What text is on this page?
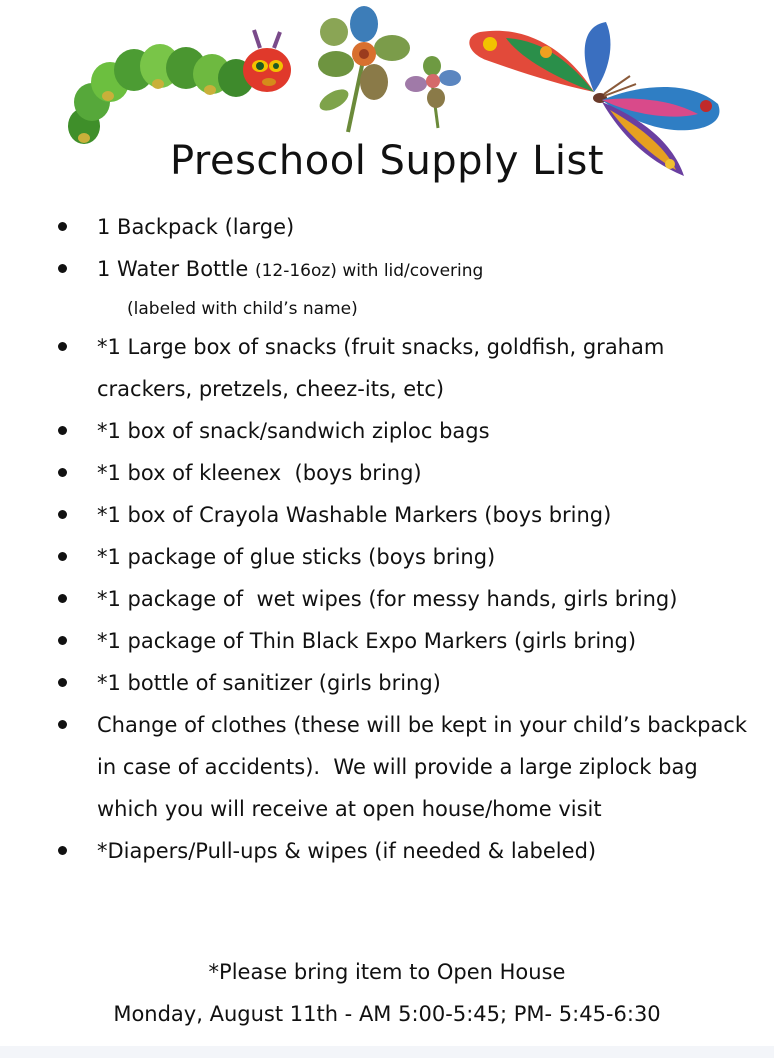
Preschool Supply List
1 Backpack (large)
1 Water Bottle (12-16oz) with lid/covering
(labeled with child’s name)
*1 Large box of snacks (fruit snacks, goldfish, graham crackers, pretzels, cheez-its, etc)
*1 box of snack/sandwich ziploc bags
*1 box of kleenex  (boys bring)
*1 box of Crayola Washable Markers (boys bring)
*1 package of glue sticks (boys bring)
*1 package of  wet wipes (for messy hands, girls bring)
*1 package of Thin Black Expo Markers (girls bring)
*1 bottle of sanitizer (girls bring)
Change of clothes (these will be kept in your child’s backpack in case of accidents).  We will provide a large ziplock bag which you will receive at open house/home visit
*Diapers/Pull-ups & wipes (if needed & labeled)
*Please bring item to Open House
Monday, August 11th - AM 5:00-5:45; PM- 5:45-6:30
